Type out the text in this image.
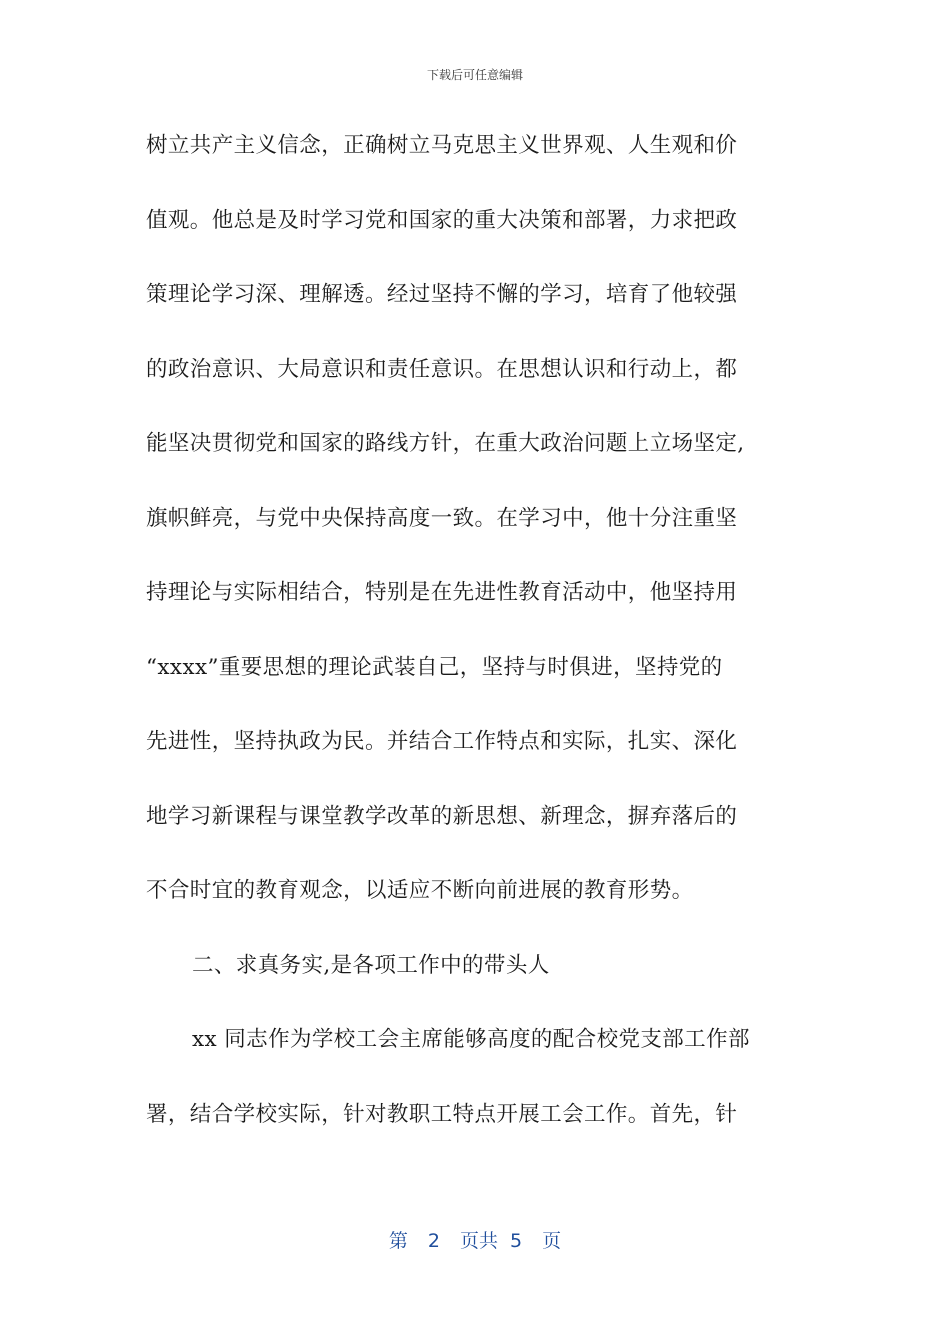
下载后可任意编辑
树立共产主义信念，正确树立马克思主义世界观、人生观和价
值观。他总是及时学习党和国家的重大决策和部署，力求把政
策理论学习深、理解透。经过坚持不懈的学习，培育了他较强
的政治意识、大局意识和责任意识。在思想认识和行动上，都
能坚决贯彻党和国家的路线方针，在重大政治问题上立场坚定,
旗帜鲜亮，与党中央保持高度一致。在学习中，他十分注重坚
持理论与实际相结合，特别是在先进性教育活动中，他坚持用
“xxxx”重要思想的理论武装自己，坚持与时俱进，坚持党的
先进性，坚持执政为民。并结合工作特点和实际，扎实、深化
地学习新课程与课堂教学改革的新思想、新理念，摒弃落后的
不合时宜的教育观念，以适应不断向前进展的教育形势。
二、求真务实,是各项工作中的带头人
xx 同志作为学校工会主席能够高度的配合校党支部工作部
署，结合学校实际，针对教职工特点开展工会工作。首先，针
第 2 页共 5 页
